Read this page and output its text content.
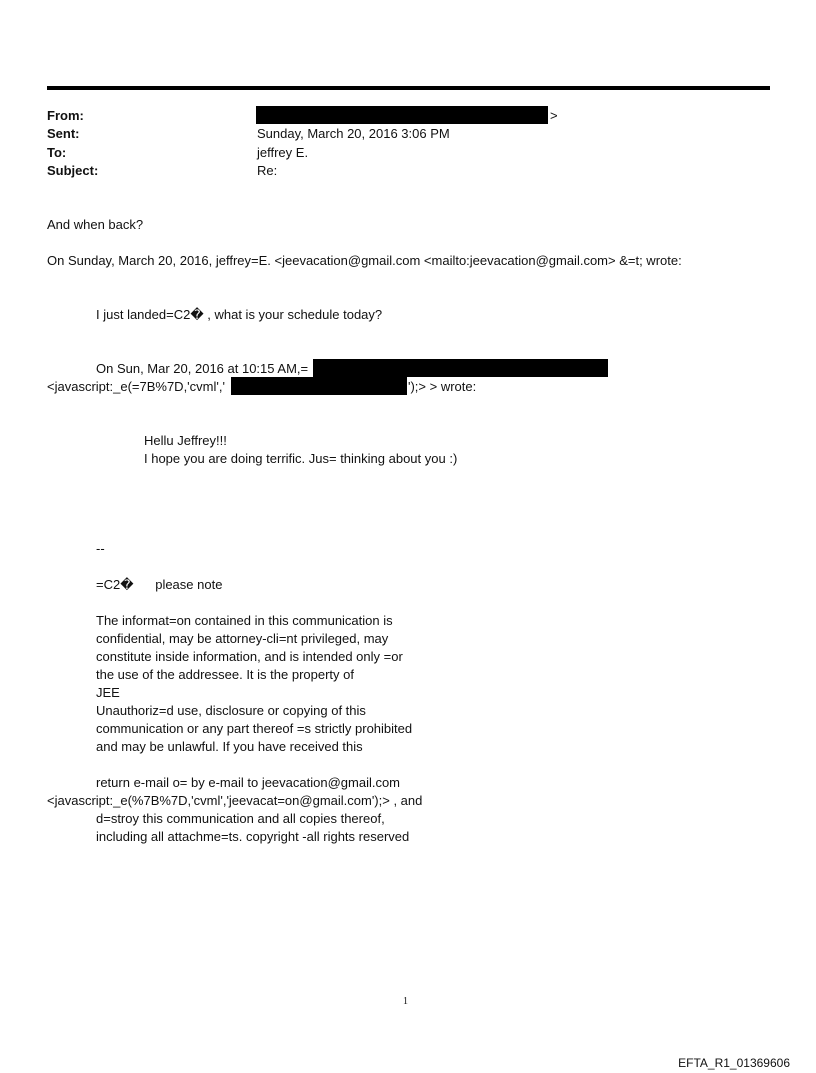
From:	>
Sent:	Sunday, March 20, 2016 3:06 PM
To:	jeffrey E.
Subject:	Re:
And when back?
On Sunday, March 20, 2016, jeffrey=E. <jeevacation@gmail.com <mailto:jeevacation@gmail.com> &=t; wrote:
I just landed=C2� , what is your schedule today?
On Sun, Mar 20, 2016 at 10:15 AM,=
<javascript:_e(=7B%7D,'cvml','	');> > wrote:
Hellu Jeffrey!!!
I hope you are doing terrific. Jus= thinking about you :)
--
=C2�      please note
The informat=on contained in this communication is
confidential, may be attorney-cli=nt privileged, may
constitute inside information, and is intended only =or
the use of the addressee. It is the property of
JEE
Unauthoriz=d use, disclosure or copying of this
communication or any part thereof =s strictly prohibited
and may be unlawful. If you have received this
return e-mail o= by e-mail to jeevacation@gmail.com
<javascript:_e(%7B%7D,'cvml','jeevacat=on@gmail.com');> , and
d=stroy this communication and all copies thereof,
including all attachme=ts. copyright -all rights reserved
1
EFTA_R1_01369606
